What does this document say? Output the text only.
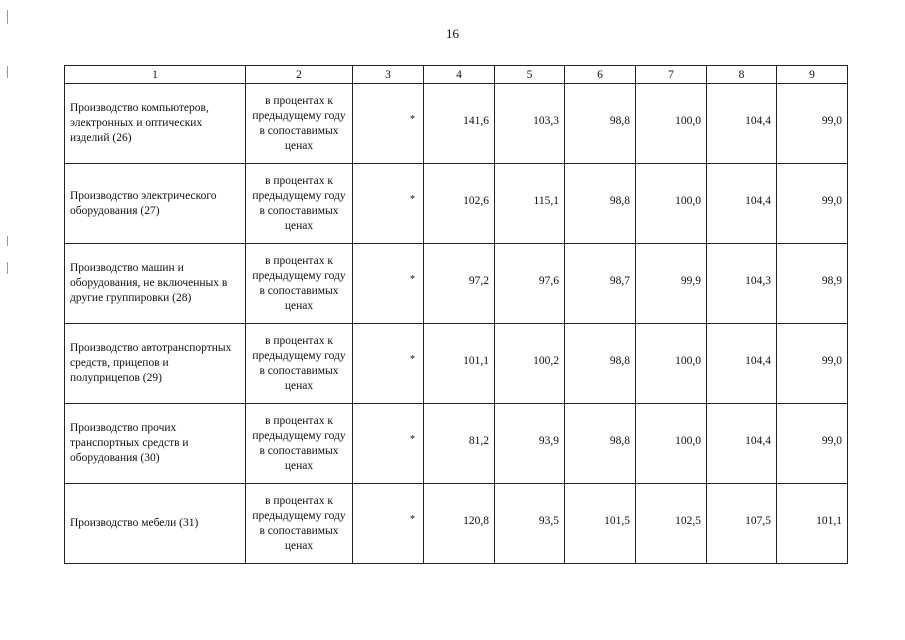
16
1	2	3	4	5	6	7	8	9
Производство компьютеров, электронных и оптических изделий (26)	в процентах к предыдущему году в сопоставимых ценах	*	141,6	103,3	98,8	100,0	104,4	99,0
Производство электрического оборудования (27)	в процентах к предыдущему году в сопоставимых ценах	*	102,6	115,1	98,8	100,0	104,4	99,0
Производство машин и оборудования, не включенных в другие группировки (28)	в процентах к предыдущему году в сопоставимых ценах	*	97,2	97,6	98,7	99,9	104,3	98,9
Производство автотранспортных средств, прицепов и полуприцепов (29)	в процентах к предыдущему году в сопоставимых ценах	*	101,1	100,2	98,8	100,0	104,4	99,0
Производство прочих транспортных средств и оборудования (30)	в процентах к предыдущему году в сопоставимых ценах	*	81,2	93,9	98,8	100,0	104,4	99,0
Производство мебели (31)	в процентах к предыдущему году в сопоставимых ценах	*	120,8	93,5	101,5	102,5	107,5	101,1
